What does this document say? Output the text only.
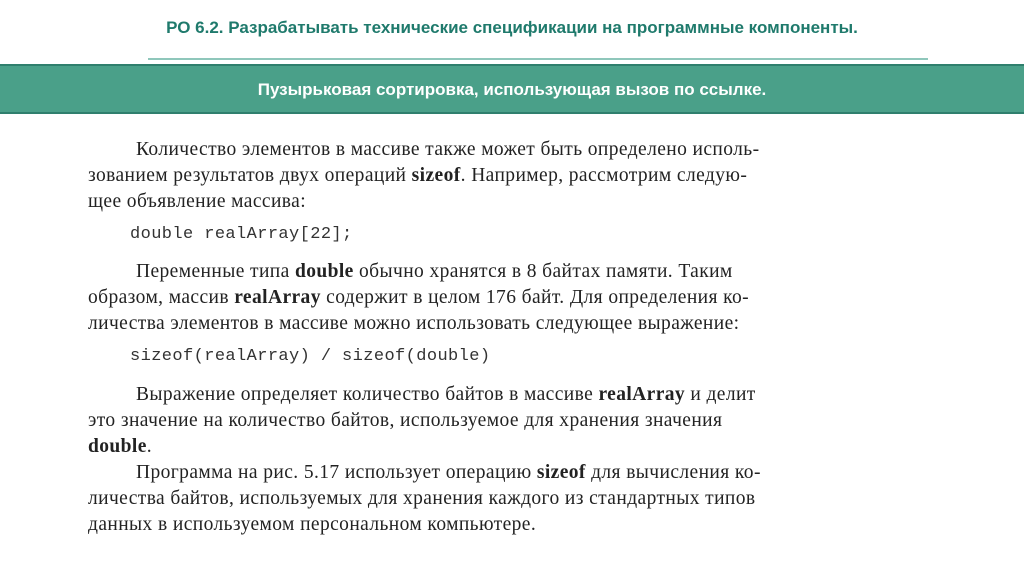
РО 6.2. Разрабатывать технические спецификации на программные компоненты.
Пузырьковая сортировка, использующая вызов по ссылке.
Количество элементов в массиве также может быть определено исполь-
зованием результатов двух операций sizeof. Например, рассмотрим следую-
щее объявление массива:
double realArray[22];
Переменные типа double обычно хранятся в 8 байтах памяти. Таким
образом, массив realArray содержит в целом 176 байт. Для определения ко-
личества элементов в массиве можно использовать следующее выражение:
sizeof(realArray) / sizeof(double)
Выражение определяет количество байтов в массиве realArray и делит
это значение на количество байтов, используемое для хранения значения
double.
Программа на рис. 5.17 использует операцию sizeof для вычисления ко-
личества байтов, используемых для хранения каждого из стандартных типов
данных в используемом персональном компьютере.
